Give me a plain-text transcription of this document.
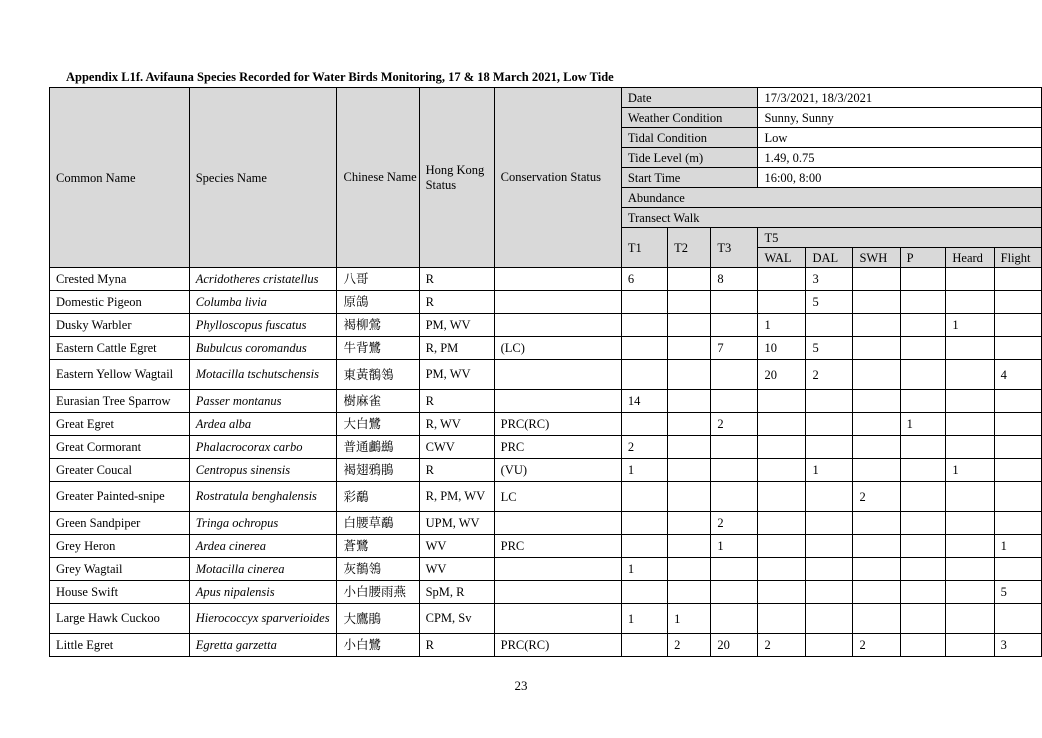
Appendix L1f. Avifauna Species Recorded for Water Birds Monitoring, 17 & 18 March 2021, Low Tide
Common Name	Species Name	Chinese Name	Hong Kong Status	Conservation Status	Date			17/3/2021, 18/3/2021					
					Weather Condition			Sunny, Sunny					
					Tidal Condition			Low					
					Tide Level (m)			1.49, 0.75					
					Start Time			16:00, 8:00					
					Abundance								
					Transect Walk								
					T1	T2	T3	T5					
								WAL	DAL	SWH	P	Heard	Flight
Crested Myna	Acridotheres cristatellus	八哥	R		6		8		3				
Domestic Pigeon	Columba livia	原鴿	R						5				
Dusky Warbler	Phylloscopus fuscatus	褐柳鶯	PM, WV					1				1	
Eastern Cattle Egret	Bubulcus coromandus	牛背鷺	R, PM	(LC)			7	10	5				
Eastern Yellow Wagtail	Motacilla tschutschensis	東黃鶺鴒	PM, WV					20	2				4
Eurasian Tree Sparrow	Passer montanus	樹麻雀	R		14								
Great Egret	Ardea alba	大白鷺	R, WV	PRC(RC)			2				1		
Great Cormorant	Phalacrocorax carbo	普通鸕鷀	CWV	PRC	2								
Greater Coucal	Centropus sinensis	褐翅鴉鵑	R	(VU)	1				1			1	
Greater Painted-snipe	Rostratula benghalensis	彩鷸	R, PM, WV	LC						2			
Green Sandpiper	Tringa ochropus	白腰草鷸	UPM, WV				2						
Grey Heron	Ardea cinerea	蒼鷺	WV	PRC			1						1
Grey Wagtail	Motacilla cinerea	灰鶺鴒	WV		1								
House Swift	Apus nipalensis	小白腰雨燕	SpM, R										5
Large Hawk Cuckoo	Hierococcyx sparverioides	大鷹鵑	CPM, Sv		1	1							
Little Egret	Egretta garzetta	小白鷺	R	PRC(RC)		2	20	2		2			3
23
